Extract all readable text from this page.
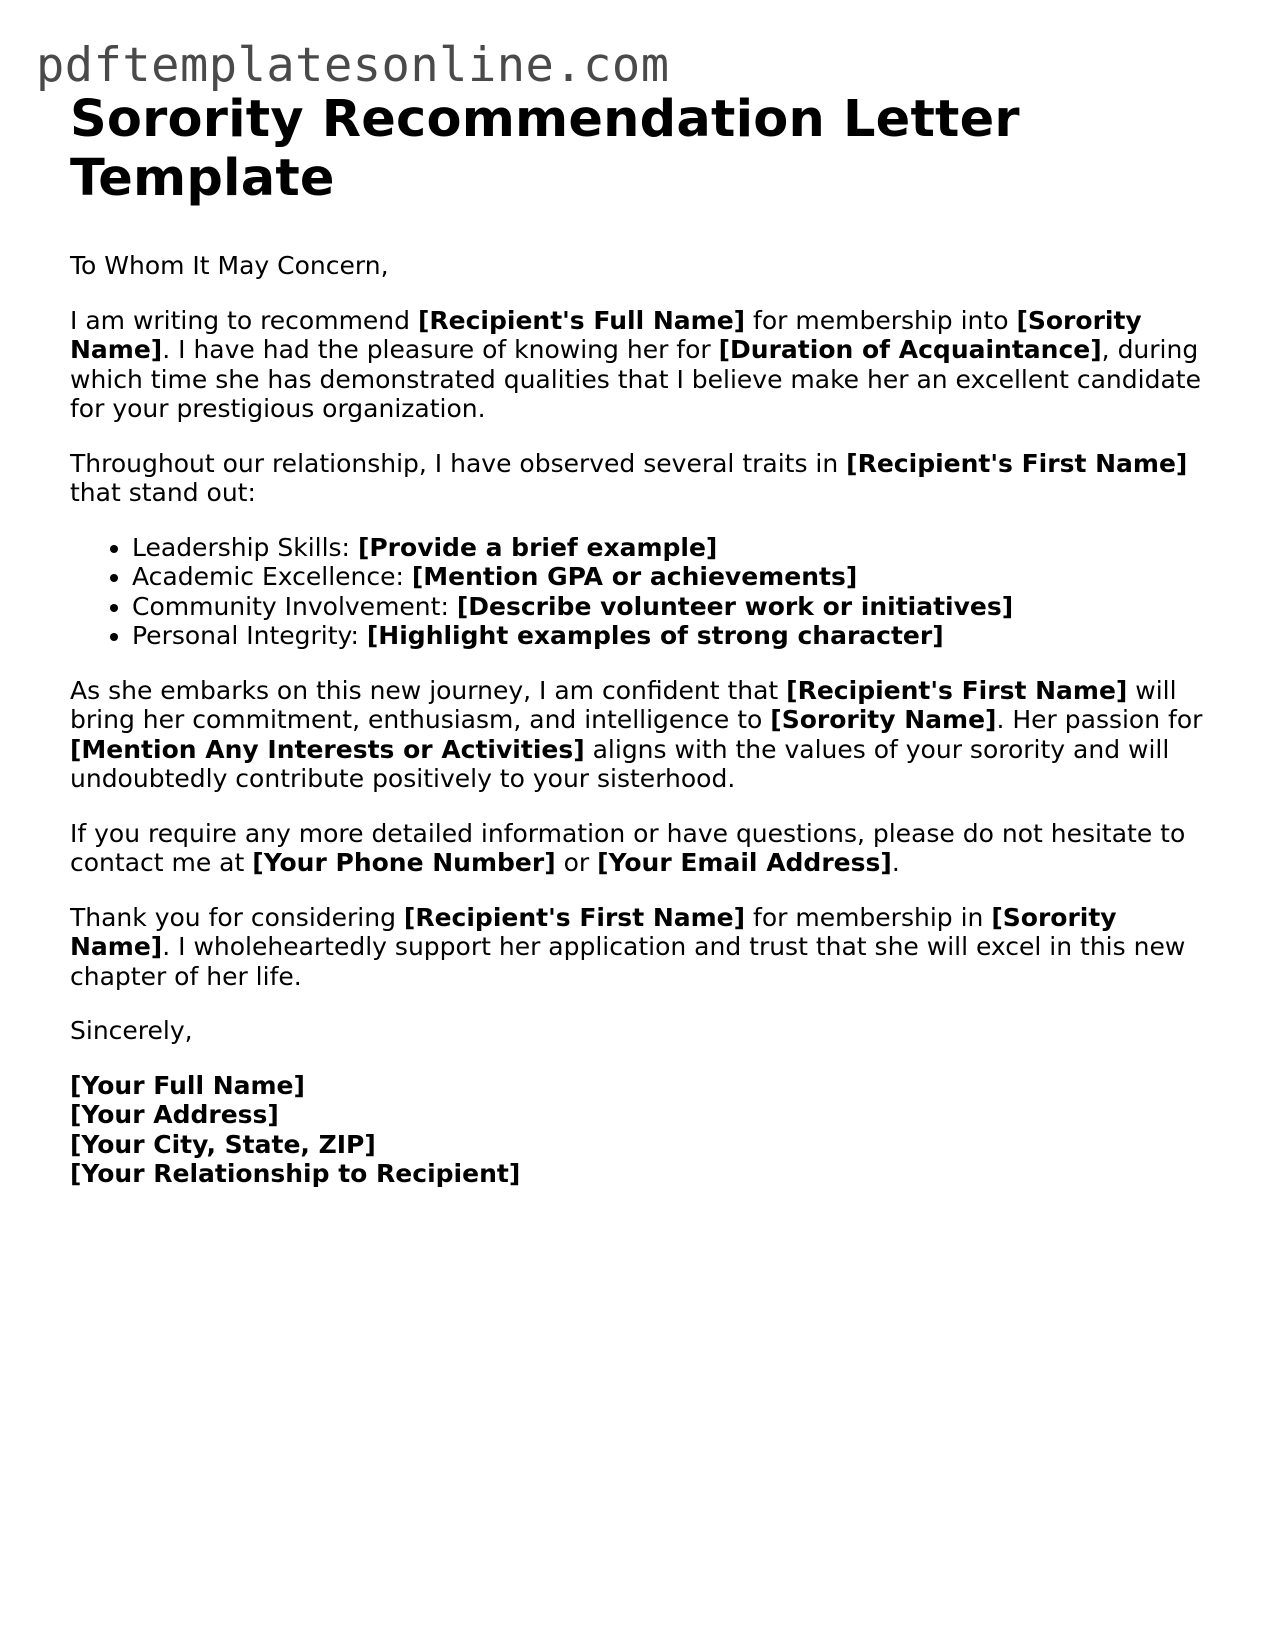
pdftemplatesonline.com
Sorority Recommendation Letter Template

To Whom It May Concern,

I am writing to recommend [Recipient's Full Name] for membership into [Sorority Name]. I have had the pleasure of knowing her for [Duration of Acquaintance], during which time she has demonstrated qualities that I believe make her an excellent candidate for your prestigious organization.

Throughout our relationship, I have observed several traits in [Recipient's First Name] that stand out:

• Leadership Skills: [Provide a brief example]
• Academic Excellence: [Mention GPA or achievements]
• Community Involvement: [Describe volunteer work or initiatives]
• Personal Integrity: [Highlight examples of strong character]

As she embarks on this new journey, I am confident that [Recipient's First Name] will bring her commitment, enthusiasm, and intelligence to [Sorority Name]. Her passion for [Mention Any Interests or Activities] aligns with the values of your sorority and will undoubtedly contribute positively to your sisterhood.

If you require any more detailed information or have questions, please do not hesitate to contact me at [Your Phone Number] or [Your Email Address].

Thank you for considering [Recipient's First Name] for membership in [Sorority Name]. I wholeheartedly support her application and trust that she will excel in this new chapter of her life.

Sincerely,

[Your Full Name]
[Your Address]
[Your City, State, ZIP]
[Your Relationship to Recipient]
